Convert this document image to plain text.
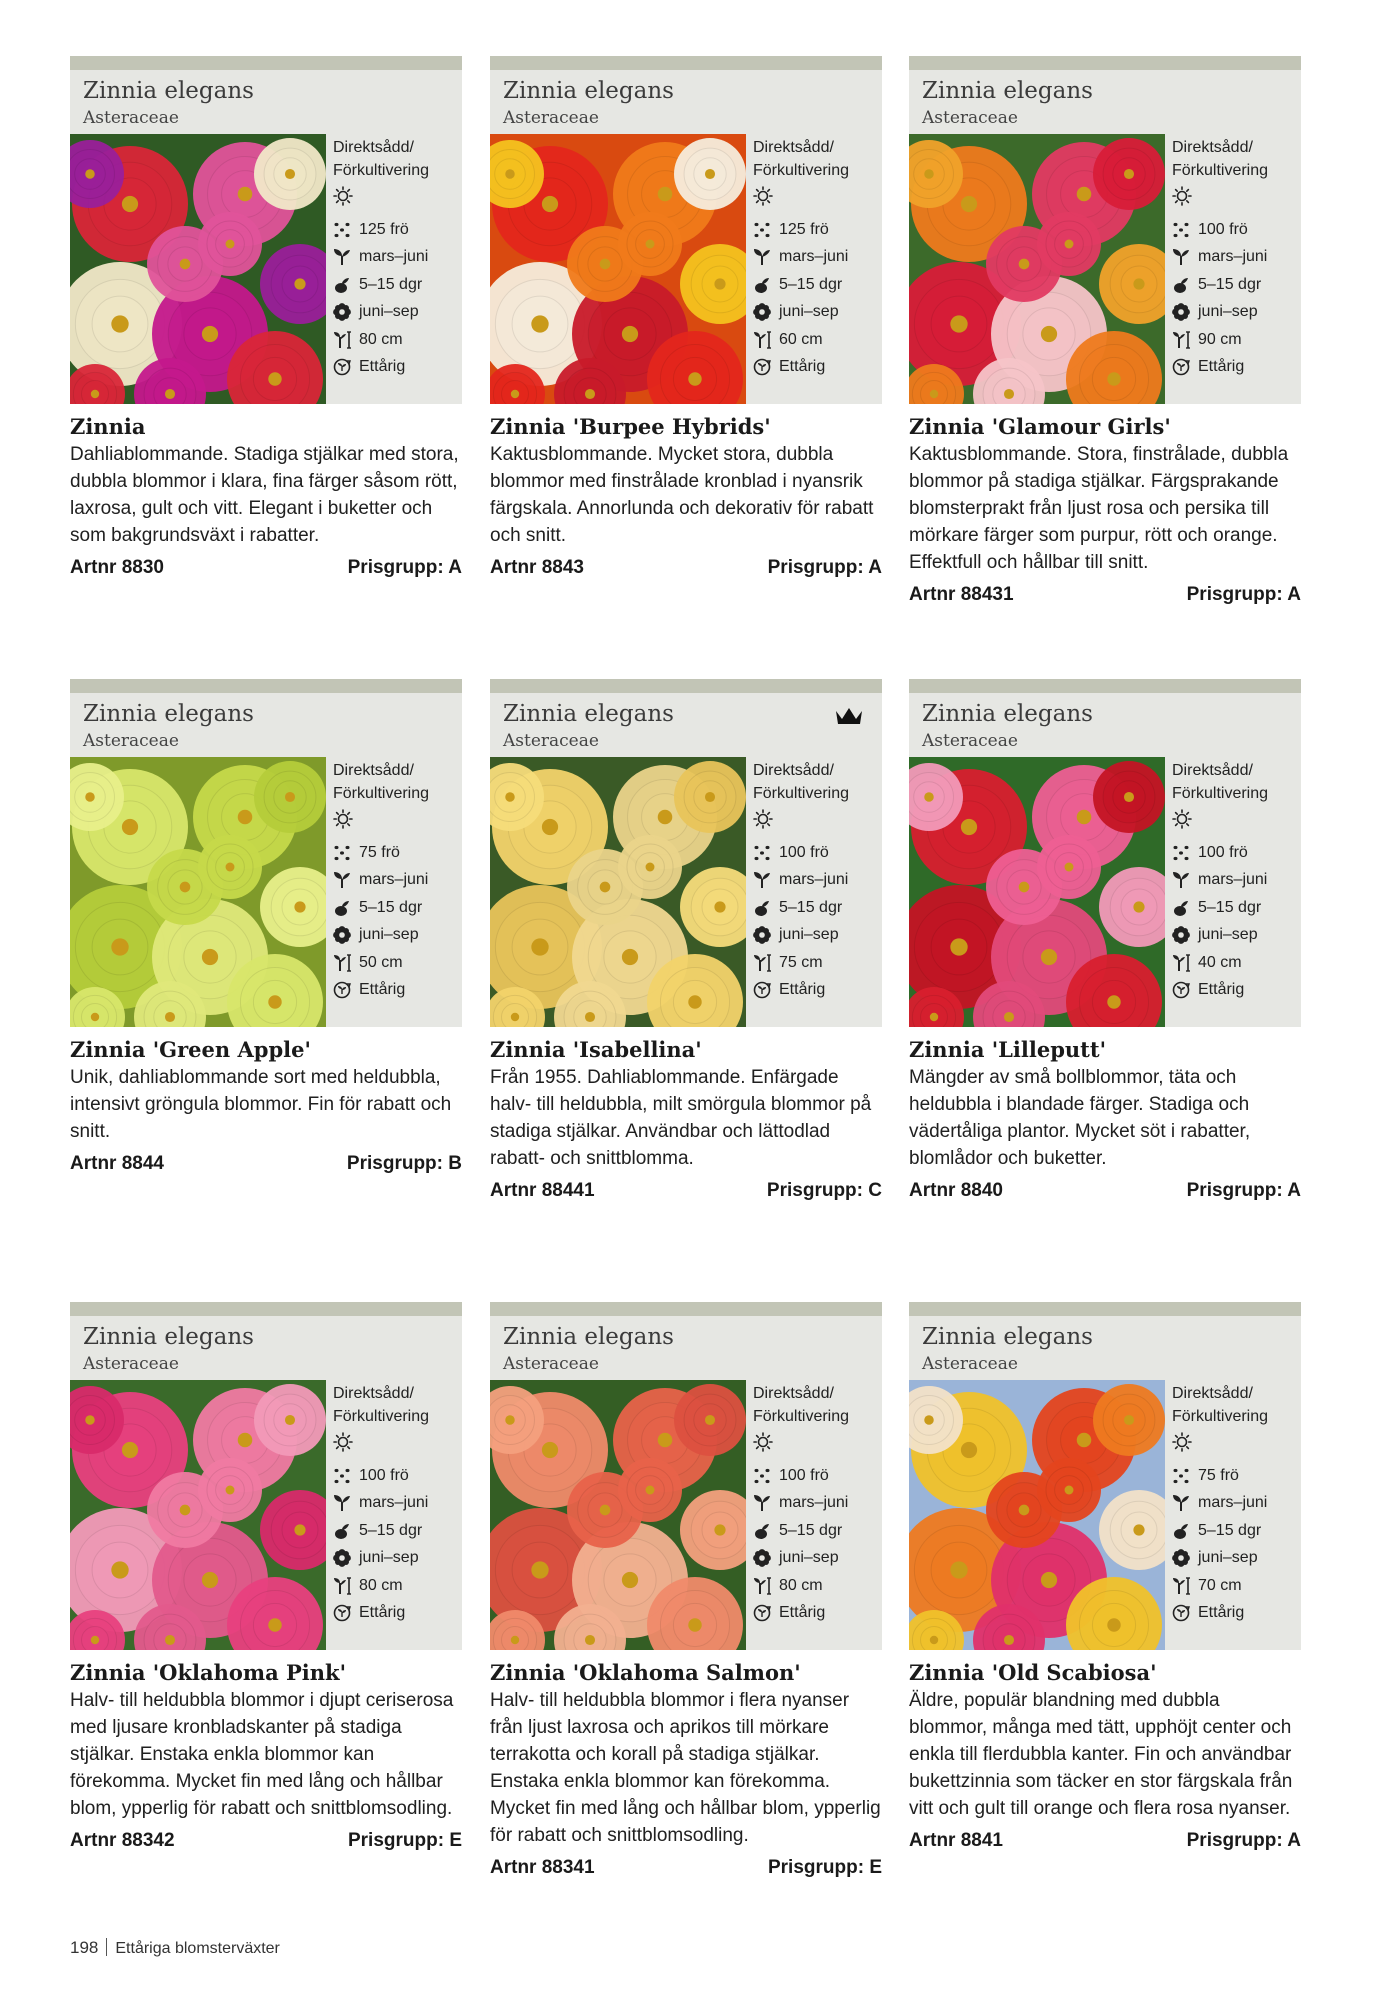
Zinnia elegans
Asteraceae
Direktsådd/ Förkultivering
125 frö
mars–juni
5–15 dgr
juni–sep
80 cm
Ettårig
Zinnia
Dahliablommande. Stadiga stjälkar med stora, dubbla blommor i klara, fina färger såsom rött, laxrosa, gult och vitt. Elegant i buketter och som bakgrundsväxt i rabatter.
Artnr 8830	Prisgrupp: A
Zinnia elegans
Asteraceae
Direktsådd/ Förkultivering
125 frö
mars–juni
5–15 dgr
juni–sep
60 cm
Ettårig
Zinnia 'Burpee Hybrids'
Kaktusblommande. Mycket stora, dubbla blommor med finstrålade kronblad i nyansrik färgskala. Annorlunda och dekorativ för rabatt och snitt.
Artnr 8843	Prisgrupp: A
Zinnia elegans
Asteraceae
Direktsådd/ Förkultivering
100 frö
mars–juni
5–15 dgr
juni–sep
90 cm
Ettårig
Zinnia 'Glamour Girls'
Kaktusblommande. Stora, finstrålade, dubbla blommor på stadiga stjälkar. Färgsprakande blomsterprakt från ljust rosa och persika till mörkare färger som purpur, rött och orange. Effektfull och hållbar till snitt.
Artnr 88431	Prisgrupp: A
Zinnia elegans
Asteraceae
Direktsådd/ Förkultivering
75 frö
mars–juni
5–15 dgr
juni–sep
50 cm
Ettårig
Zinnia 'Green Apple'
Unik, dahliablommande sort med heldubbla, intensivt gröngula blommor. Fin för rabatt och snitt.
Artnr 8844	Prisgrupp: B
Zinnia elegans
Asteraceae
Direktsådd/ Förkultivering
100 frö
mars–juni
5–15 dgr
juni–sep
75 cm
Ettårig
Zinnia 'Isabellina'
Från 1955. Dahliablommande. Enfärgade halv- till heldubbla, milt smörgula blommor på stadiga stjälkar. Användbar och lättodlad rabatt- och snittblomma.
Artnr 88441	Prisgrupp: C
Zinnia elegans
Asteraceae
Direktsådd/ Förkultivering
100 frö
mars–juni
5–15 dgr
juni–sep
40 cm
Ettårig
Zinnia 'Lilleputt'
Mängder av små bollblommor, täta och heldubbla i blandade färger. Stadiga och vädertåliga plantor. Mycket söt i rabatter, blomlådor och buketter.
Artnr 8840	Prisgrupp: A
Zinnia elegans
Asteraceae
Direktsådd/ Förkultivering
100 frö
mars–juni
5–15 dgr
juni–sep
80 cm
Ettårig
Zinnia 'Oklahoma Pink'
Halv- till heldubbla blommor i djupt ceriserosa med ljusare kronbladskanter på stadiga stjälkar. Enstaka enkla blommor kan förekomma. Mycket fin med lång och hållbar blom, ypperlig för rabatt och snittblomsodling.
Artnr 88342	Prisgrupp: E
Zinnia elegans
Asteraceae
Direktsådd/ Förkultivering
100 frö
mars–juni
5–15 dgr
juni–sep
80 cm
Ettårig
Zinnia 'Oklahoma Salmon'
Halv- till heldubbla blommor i flera nyanser från ljust laxrosa och aprikos till mörkare terrakotta och korall på stadiga stjälkar. Enstaka enkla blommor kan förekomma. Mycket fin med lång och hållbar blom, ypperlig för rabatt och snittblomsodling.
Artnr 88341	Prisgrupp: E
Zinnia elegans
Asteraceae
Direktsådd/ Förkultivering
75 frö
mars–juni
5–15 dgr
juni–sep
70 cm
Ettårig
Zinnia 'Old Scabiosa'
Äldre, populär blandning med dubbla blommor, många med tätt, upphöjt center och enkla till flerdubbla kanter. Fin och användbar bukettzinnia som täcker en stor färgskala från vitt och gult till orange och flera rosa nyanser.
Artnr 8841	Prisgrupp: A
198 Ettåriga blomsterväxter
